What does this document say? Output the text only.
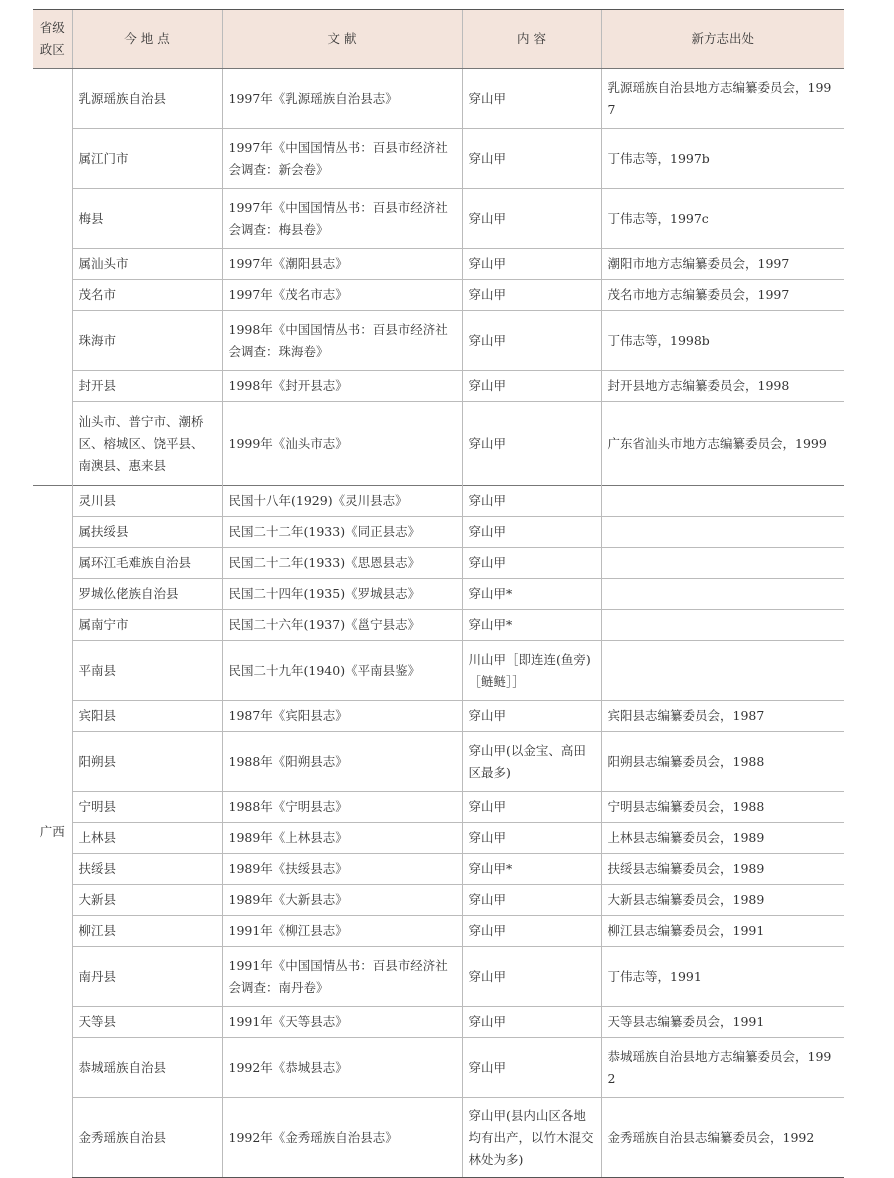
省级
政区	今 地 点	文 献	内 容	新方志出处
	乳源瑶族自治县	1997年《乳源瑶族自治县志》	穿山甲	乳源瑶族自治县地方志编纂委员会，1997
	属江门市	1997年《中国国情丛书：百县市经济社会调查：新会卷》	穿山甲	丁伟志等，1997b
	梅县	1997年《中国国情丛书：百县市经济社会调查：梅县卷》	穿山甲	丁伟志等，1997c
	属汕头市	1997年《潮阳县志》	穿山甲	潮阳市地方志编纂委员会，1997
	茂名市	1997年《茂名市志》	穿山甲	茂名市地方志编纂委员会，1997
	珠海市	1998年《中国国情丛书：百县市经济社会调查：珠海卷》	穿山甲	丁伟志等，1998b
	封开县	1998年《封开县志》	穿山甲	封开县地方志编纂委员会，1998
	汕头市、普宁市、潮桥区、榕城区、饶平县、南澳县、惠来县	1999年《汕头市志》	穿山甲	广东省汕头市地方志编纂委员会，1999
广西	灵川县	民国十八年(1929)《灵川县志》	穿山甲	
	属扶绥县	民国二十二年(1933)《同正县志》	穿山甲	
	属环江毛难族自治县	民国二十二年(1933)《思恩县志》	穿山甲	
	罗城仫佬族自治县	民国二十四年(1935)《罗城县志》	穿山甲*	
	属南宁市	民国二十六年(1937)《邕宁县志》	穿山甲*	
	平南县	民国二十九年(1940)《平南县鉴》	川山甲［即连连(鱼旁)［鲢鲢］］	
	宾阳县	1987年《宾阳县志》	穿山甲	宾阳县志编纂委员会，1987
	阳朔县	1988年《阳朔县志》	穿山甲(以金宝、高田区最多)	阳朔县志编纂委员会，1988
	宁明县	1988年《宁明县志》	穿山甲	宁明县志编纂委员会，1988
	上林县	1989年《上林县志》	穿山甲	上林县志编纂委员会，1989
	扶绥县	1989年《扶绥县志》	穿山甲*	扶绥县志编纂委员会，1989
	大新县	1989年《大新县志》	穿山甲	大新县志编纂委员会，1989
	柳江县	1991年《柳江县志》	穿山甲	柳江县志编纂委员会，1991
	南丹县	1991年《中国国情丛书：百县市经济社会调查：南丹卷》	穿山甲	丁伟志等，1991
	天等县	1991年《天等县志》	穿山甲	天等县志编纂委员会，1991
	恭城瑶族自治县	1992年《恭城县志》	穿山甲	恭城瑶族自治县地方志编纂委员会，1992
	金秀瑶族自治县	1992年《金秀瑶族自治县志》	穿山甲(县内山区各地均有出产，以竹木混交林处为多)	金秀瑶族自治县志编纂委员会，1992
